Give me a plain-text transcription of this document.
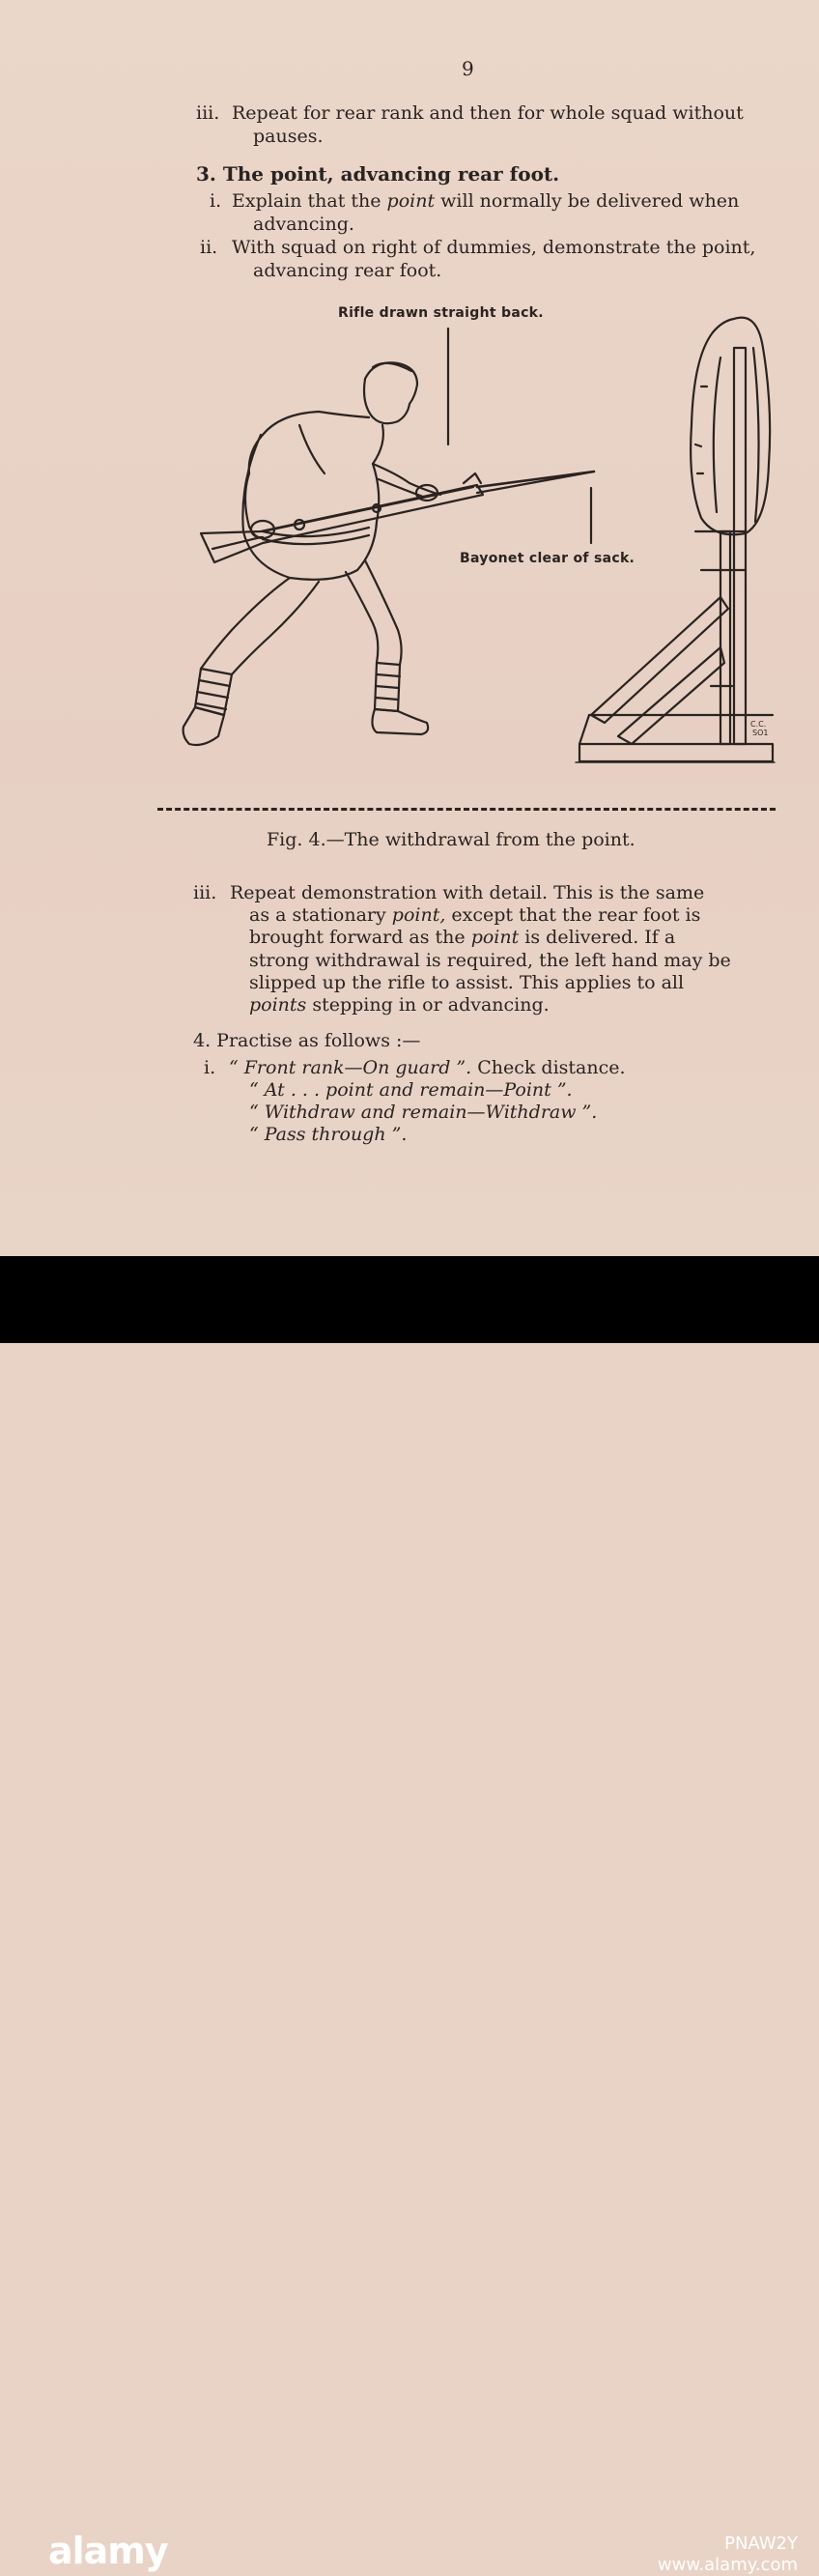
9
iii. Repeat for rear rank and then for whole squad without
pauses.
3. The point, advancing rear foot.
i. Explain that the point will normally be delivered when
advancing.
ii. With squad on right of dummies, demonstrate the point,
advancing rear foot.
Rifle drawn straight back.
Bayonet clear of sack.
C.C. SO1
Fig. 4.—The withdrawal from the point.
iii. Repeat demonstration with detail. This is the same
as a stationary point, except that the rear foot is
brought forward as the point is delivered. If a
strong withdrawal is required, the left hand may be
slipped up the rifle to assist. This applies to all
points stepping in or advancing.
4. Practise as follows :—
i. “ Front rank—On guard ”. Check distance.
“ At . . . point and remain—Point ”.
“ Withdraw and remain—Withdraw ”.
“ Pass through ”.
alamy	PNAW2Y
www.alamy.com
